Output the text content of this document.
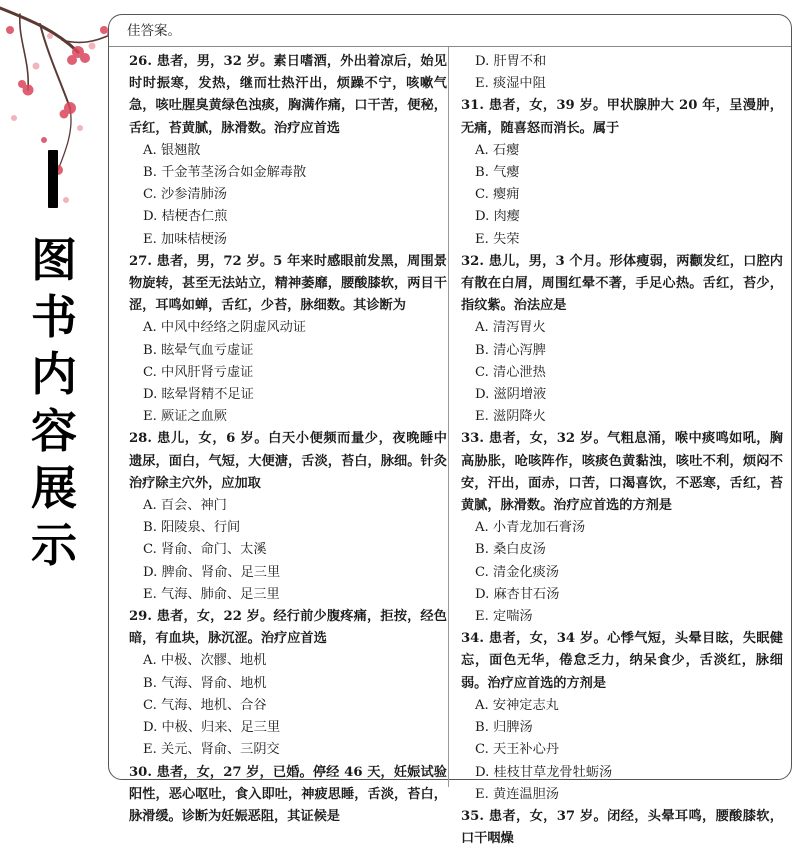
图
书
内
容
展
示
佳答案。
26. 患者，男，32 岁。素日嗜酒，外出着凉后，始见时时振寒，发热，继而壮热汗出，烦躁不宁，咳嗽气急，咳吐腥臭黄绿色浊痰，胸满作痛，口干苦，便秘，舌红，苔黄腻，脉滑数。治疗应首选
A. 银翘散
B. 千金苇茎汤合如金解毒散
C. 沙参清肺汤
D. 桔梗杏仁煎
E. 加味桔梗汤
27. 患者，男，72 岁。5 年来时感眼前发黑，周围景物旋转，甚至无法站立，精神萎靡，腰酸膝软，两目干涩，耳鸣如蝉，舌红，少苔，脉细数。其诊断为
A. 中风中经络之阴虚风动证
B. 眩晕气血亏虚证
C. 中风肝肾亏虚证
D. 眩晕肾精不足证
E. 厥证之血厥
28. 患儿，女，6 岁。白天小便频而量少，夜晚睡中遗尿，面白，气短，大便溏，舌淡，苔白，脉细。针灸治疗除主穴外，应加取
A. 百会、神门
B. 阳陵泉、行间
C. 肾俞、命门、太溪
D. 脾俞、肾俞、足三里
E. 气海、肺俞、足三里
29. 患者，女，22 岁。经行前少腹疼痛，拒按，经色暗，有血块，脉沉涩。治疗应首选
A. 中极、次髎、地机
B. 气海、肾俞、地机
C. 气海、地机、合谷
D. 中极、归来、足三里
E. 关元、肾俞、三阴交
30. 患者，女，27 岁，已婚。停经 46 天，妊娠试验阳性，恶心呕吐，食入即吐，神疲思睡，舌淡，苔白，脉滑缓。诊断为妊娠恶阻，其证候是
D. 肝胃不和
E. 痰湿中阻
31. 患者，女，39 岁。甲状腺肿大 20 年，呈漫肿，无痛，随喜怒而消长。属于
A. 石瘿
B. 气瘿
C. 瘿痈
D. 肉瘿
E. 失荣
32. 患儿，男，3 个月。形体瘦弱，两颧发红，口腔内有散在白屑，周围红晕不著，手足心热。舌红，苔少，指纹紫。治法应是
A. 清泻胃火
B. 清心泻脾
C. 清心泄热
D. 滋阴增液
E. 滋阴降火
33. 患者，女，32 岁。气粗息涌，喉中痰鸣如吼，胸高胁胀，呛咳阵作，咳痰色黄黏浊，咳吐不利，烦闷不安，汗出，面赤，口苦，口渴喜饮，不恶寒，舌红，苔黄腻，脉滑数。治疗应首选的方剂是
A. 小青龙加石膏汤
B. 桑白皮汤
C. 清金化痰汤
D. 麻杏甘石汤
E. 定喘汤
34. 患者，女，34 岁。心悸气短，头晕目眩，失眠健忘，面色无华，倦怠乏力，纳呆食少，舌淡红，脉细弱。治疗应首选的方剂是
A. 安神定志丸
B. 归脾汤
C. 天王补心丹
D. 桂枝甘草龙骨牡蛎汤
E. 黄连温胆汤
35. 患者，女，37 岁。闭经，头晕耳鸣，腰酸膝软，口干咽燥
